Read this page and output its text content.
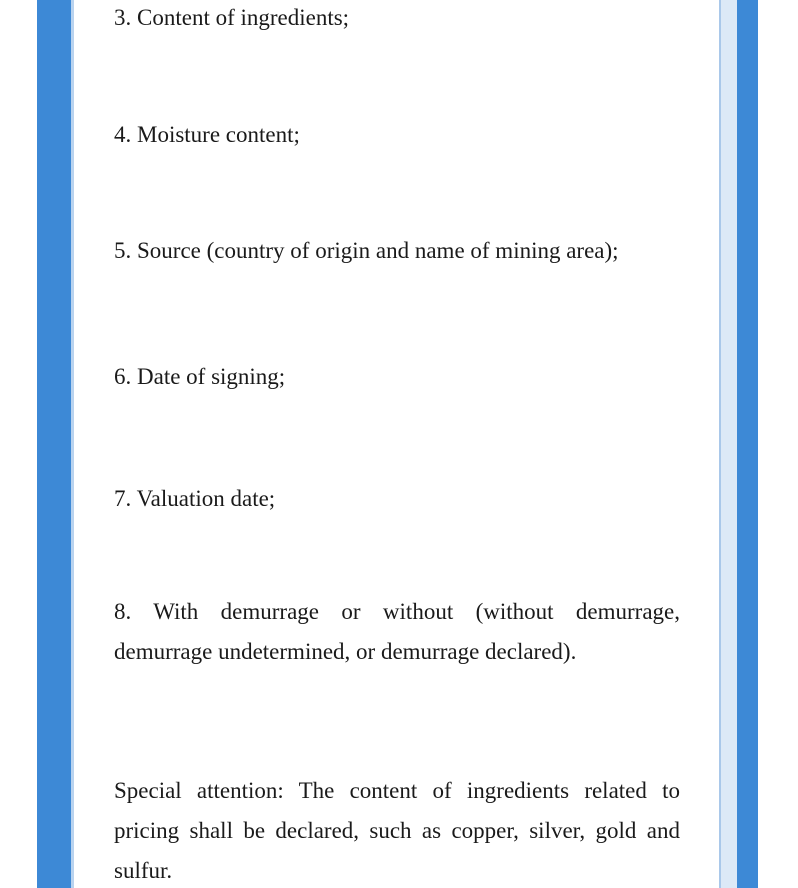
3. Content of ingredients;

4. Moisture content;

5. Source (country of origin and name of mining area);

6. Date of signing;

7. Valuation date;

8. With demurrage or without (without demurrage, demurrage undetermined, or demurrage declared).

Special attention: The content of ingredients related to pricing shall be declared, such as copper, silver, gold and sulfur.
